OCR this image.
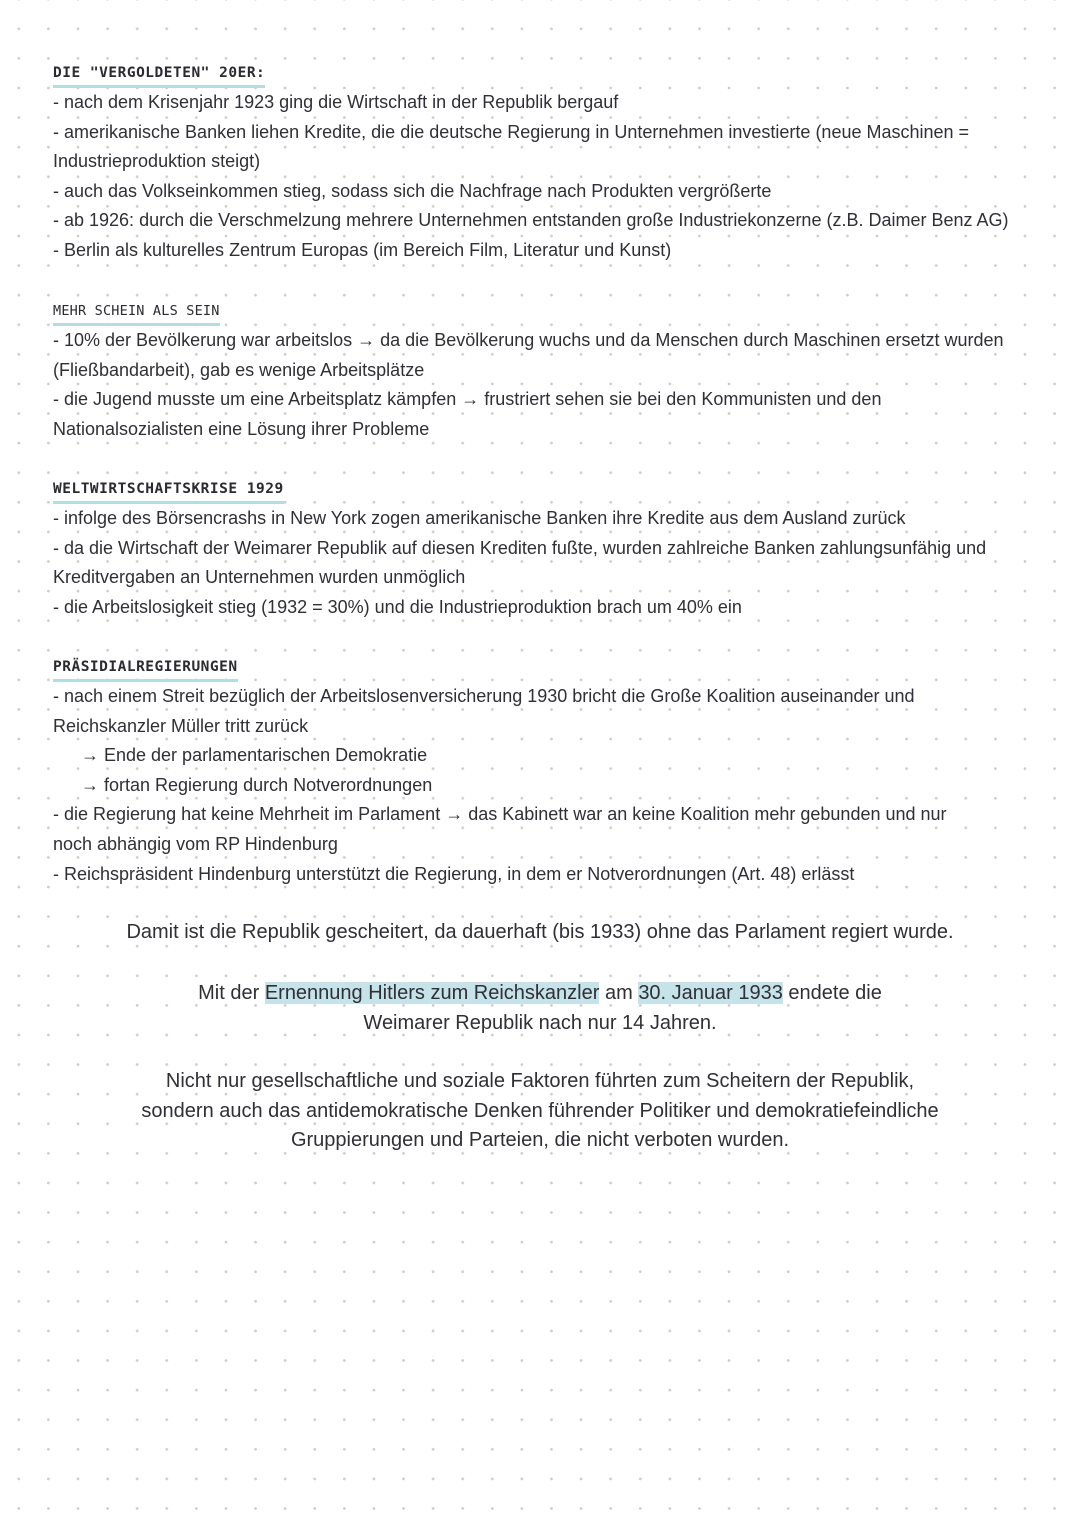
DIE "VERGOLDETEN" 20ER:

- nach dem Krisenjahr 1923 ging die Wirtschaft in der Republik bergauf

- amerikanische Banken liehen Kredite, die die deutsche Regierung in Unternehmen investierte (neue Maschinen =

Industrieproduktion steigt)

- auch das Volkseinkommen stieg, sodass sich die Nachfrage nach Produkten vergrößerte

- ab 1926: durch die Verschmelzung mehrere Unternehmen entstanden große Industriekonzerne (z.B. Daimer Benz AG)

- Berlin als kulturelles Zentrum Europas (im Bereich Film, Literatur und Kunst)

MEHR SCHEIN ALS SEIN

- 10% der Bevölkerung war arbeitslos → da die Bevölkerung wuchs und da Menschen durch Maschinen ersetzt wurden

(Fließbandarbeit), gab es wenige Arbeitsplätze

- die Jugend musste um eine Arbeitsplatz kämpfen → frustriert sehen sie bei den Kommunisten und den

Nationalsozialisten eine Lösung ihrer Probleme

WELTWIRTSCHAFTSKRISE 1929

- infolge des Börsencrashs in New York zogen amerikanische Banken ihre Kredite aus dem Ausland zurück

- da die Wirtschaft der Weimarer Republik auf diesen Krediten fußte, wurden zahlreiche Banken zahlungsunfähig und

Kreditvergaben an Unternehmen wurden unmöglich

- die Arbeitslosigkeit stieg (1932 = 30%) und die Industrieproduktion brach um 40% ein

PRÄSIDIALREGIERUNGEN

- nach einem Streit bezüglich der Arbeitslosenversicherung 1930 bricht die Große Koalition auseinander und

Reichskanzler Müller tritt zurück

→ Ende der parlamentarischen Demokratie

→ fortan Regierung durch Notverordnungen

- die Regierung hat keine Mehrheit im Parlament → das Kabinett war an keine Koalition mehr gebunden und nur

noch abhängig vom RP Hindenburg

- Reichspräsident Hindenburg unterstützt die Regierung, in dem er Notverordnungen (Art. 48) erlässt

Damit ist die Republik gescheitert, da dauerhaft (bis 1933) ohne das Parlament regiert wurde.
Mit der Ernennung Hitlers zum Reichskanzler am 30. Januar 1933 endete die
Weimarer Republik nach nur 14 Jahren.
Nicht nur gesellschaftliche und soziale Faktoren führten zum Scheitern der Republik,
sondern auch das antidemokratische Denken führender Politiker und demokratiefeindliche
Gruppierungen und Parteien, die nicht verboten wurden.
